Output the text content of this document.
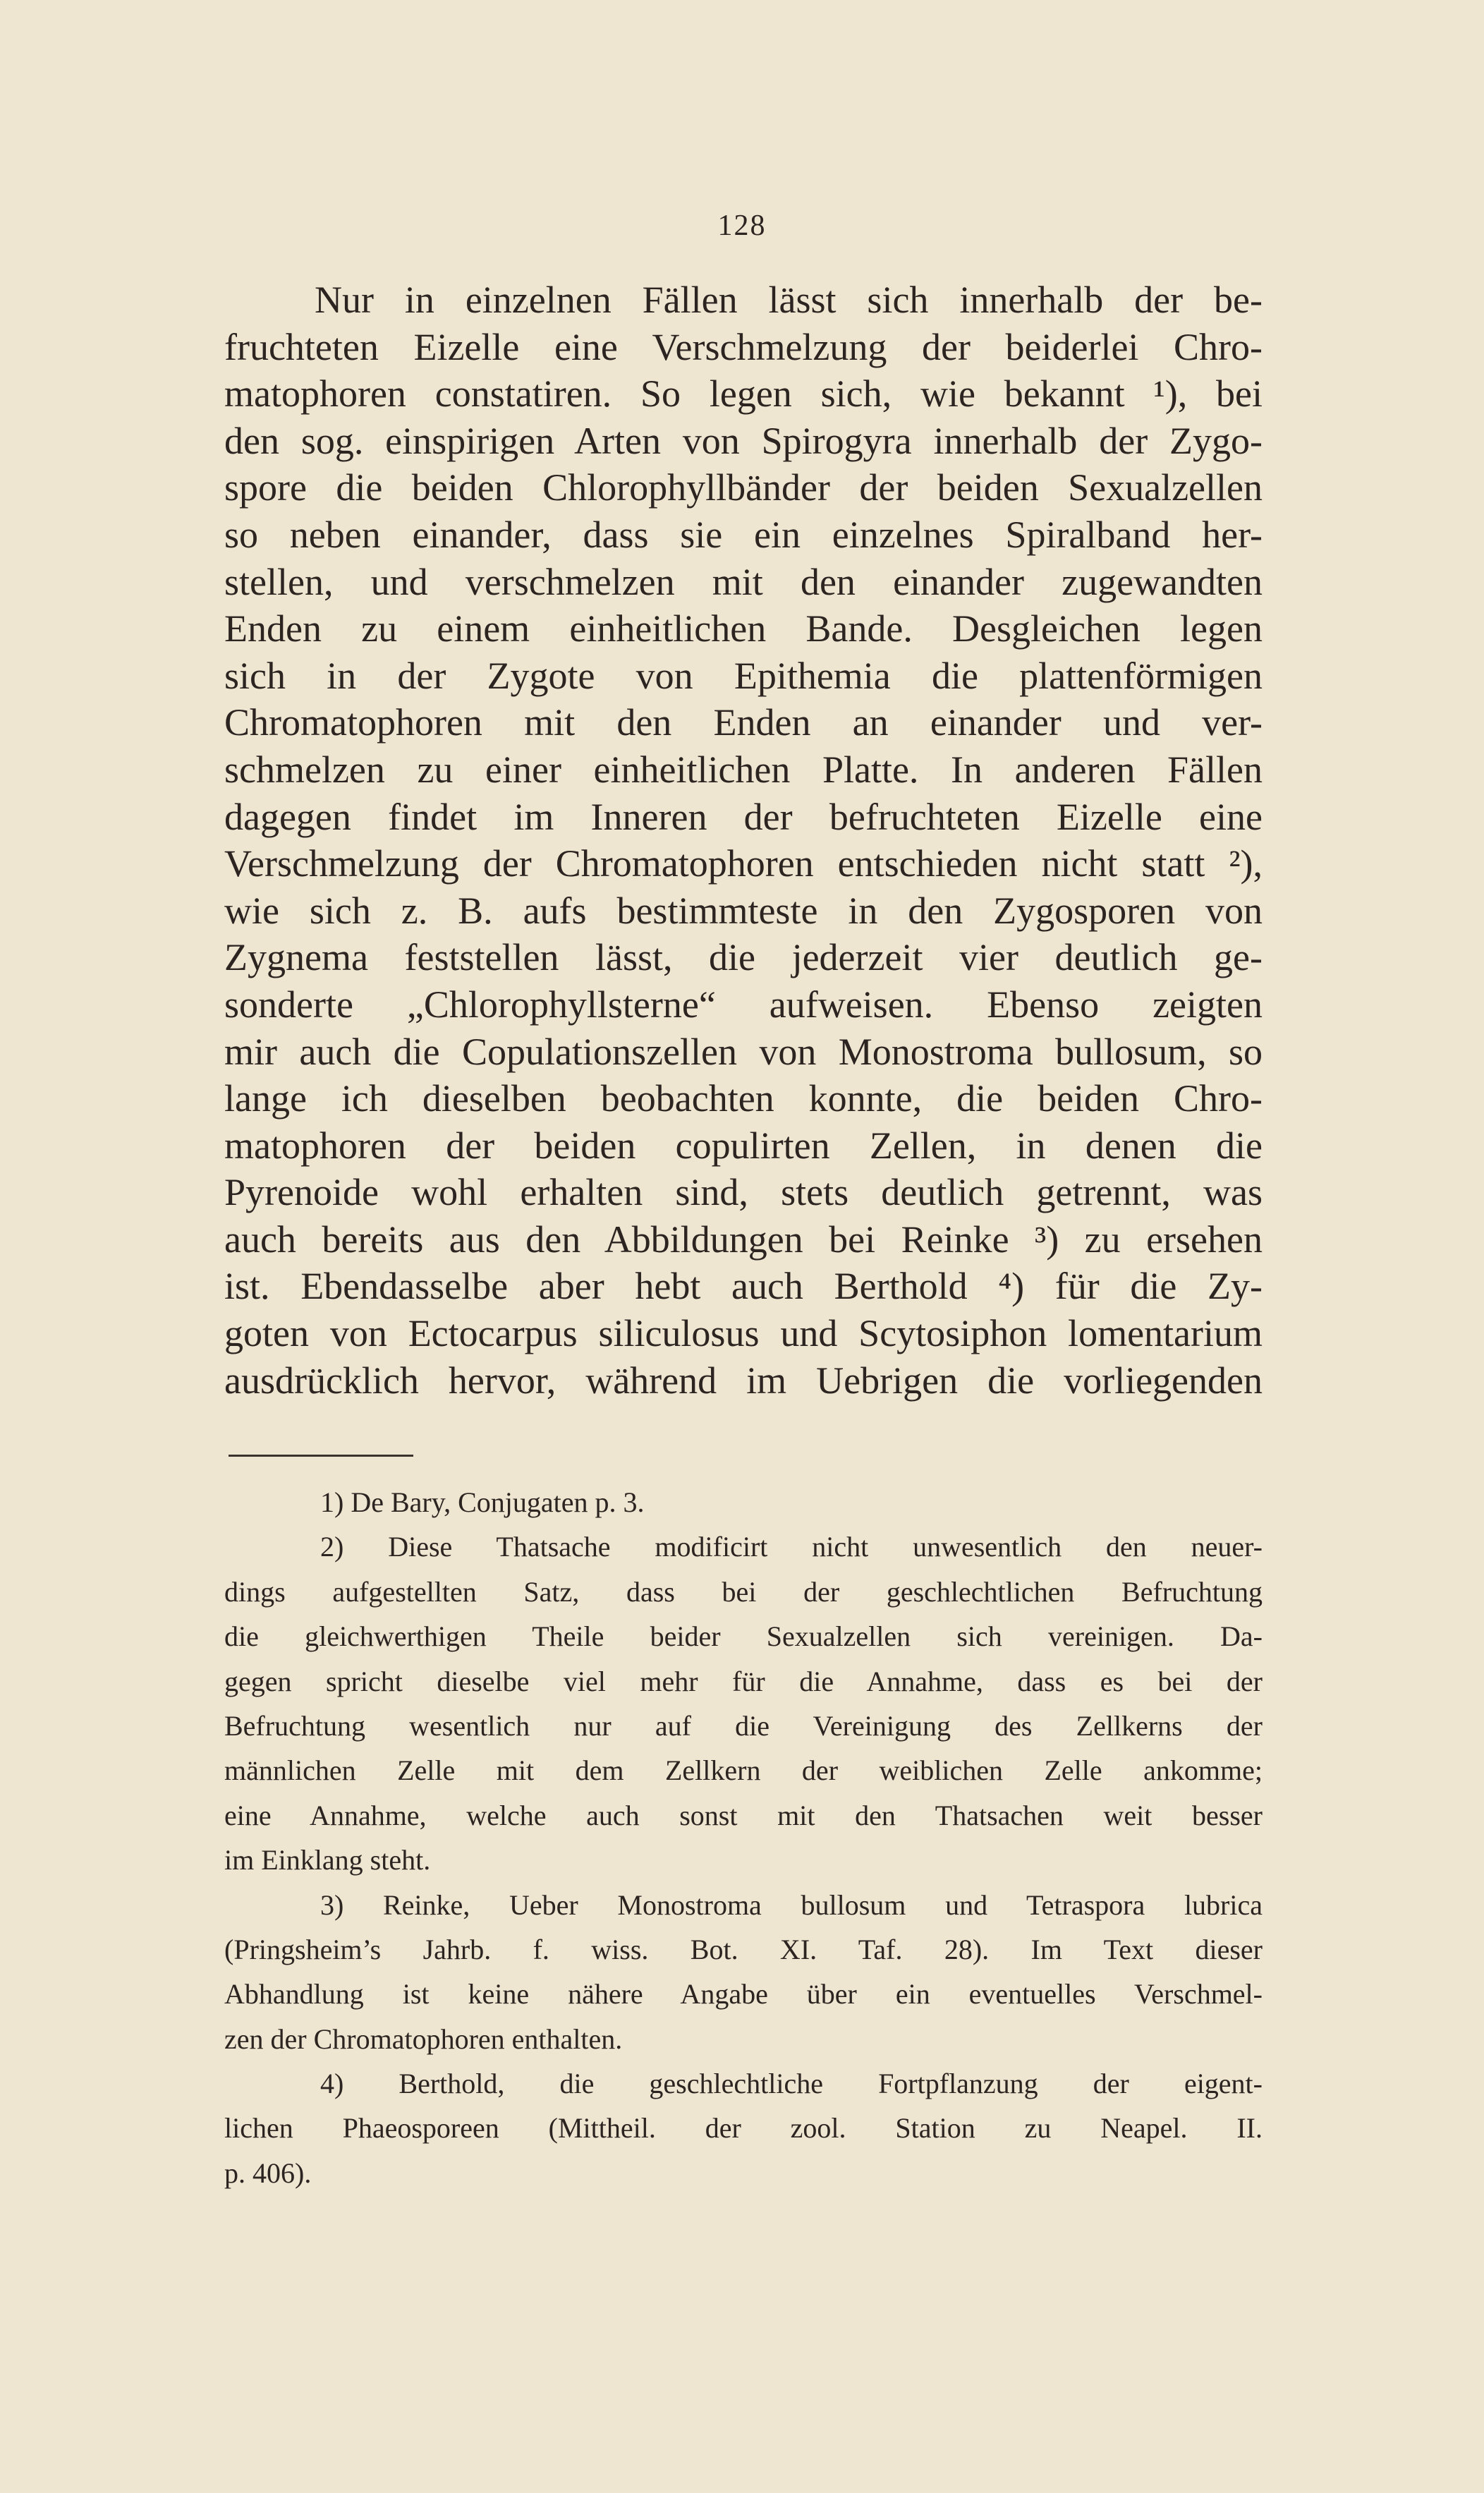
128
Nur in einzelnen Fällen lässt sich innerhalb der be-
fruchteten Eizelle eine Verschmelzung der beiderlei Chro-
matophoren constatiren. So legen sich, wie bekannt ¹), bei
den sog. einspirigen Arten von Spirogyra innerhalb der Zygo-
spore die beiden Chlorophyllbänder der beiden Sexualzellen
so neben einander, dass sie ein einzelnes Spiralband her-
stellen, und verschmelzen mit den einander zugewandten
Enden zu einem einheitlichen Bande. Desgleichen legen
sich in der Zygote von Epithemia die plattenförmigen
Chromatophoren mit den Enden an einander und ver-
schmelzen zu einer einheitlichen Platte. In anderen Fällen
dagegen findet im Inneren der befruchteten Eizelle eine
Verschmelzung der Chromatophoren entschieden nicht statt ²),
wie sich z. B. aufs bestimmteste in den Zygosporen von
Zygnema feststellen lässt, die jederzeit vier deutlich ge-
sonderte „Chlorophyllsterne“ aufweisen. Ebenso zeigten
mir auch die Copulationszellen von Monostroma bullosum, so
lange ich dieselben beobachten konnte, die beiden Chro-
matophoren der beiden copulirten Zellen, in denen die
Pyrenoide wohl erhalten sind, stets deutlich getrennt, was
auch bereits aus den Abbildungen bei Reinke ³) zu ersehen
ist. Ebendasselbe aber hebt auch Berthold ⁴) für die Zy-
goten von Ectocarpus siliculosus und Scytosiphon lomentarium
ausdrücklich hervor, während im Uebrigen die vorliegenden
1) De Bary, Conjugaten p. 3.
2) Diese Thatsache modificirt nicht unwesentlich den neuer-
dings aufgestellten Satz, dass bei der geschlechtlichen Befruchtung
die gleichwerthigen Theile beider Sexualzellen sich vereinigen. Da-
gegen spricht dieselbe viel mehr für die Annahme, dass es bei der
Befruchtung wesentlich nur auf die Vereinigung des Zellkerns der
männlichen Zelle mit dem Zellkern der weiblichen Zelle ankomme;
eine Annahme, welche auch sonst mit den Thatsachen weit besser
im Einklang steht.
3) Reinke, Ueber Monostroma bullosum und Tetraspora lubrica
(Pringsheim’s Jahrb. f. wiss. Bot. XI. Taf. 28). Im Text dieser
Abhandlung ist keine nähere Angabe über ein eventuelles Verschmel-
zen der Chromatophoren enthalten.
4) Berthold, die geschlechtliche Fortpflanzung der eigent-
lichen Phaeosporeen (Mittheil. der zool. Station zu Neapel. II.
p. 406).
